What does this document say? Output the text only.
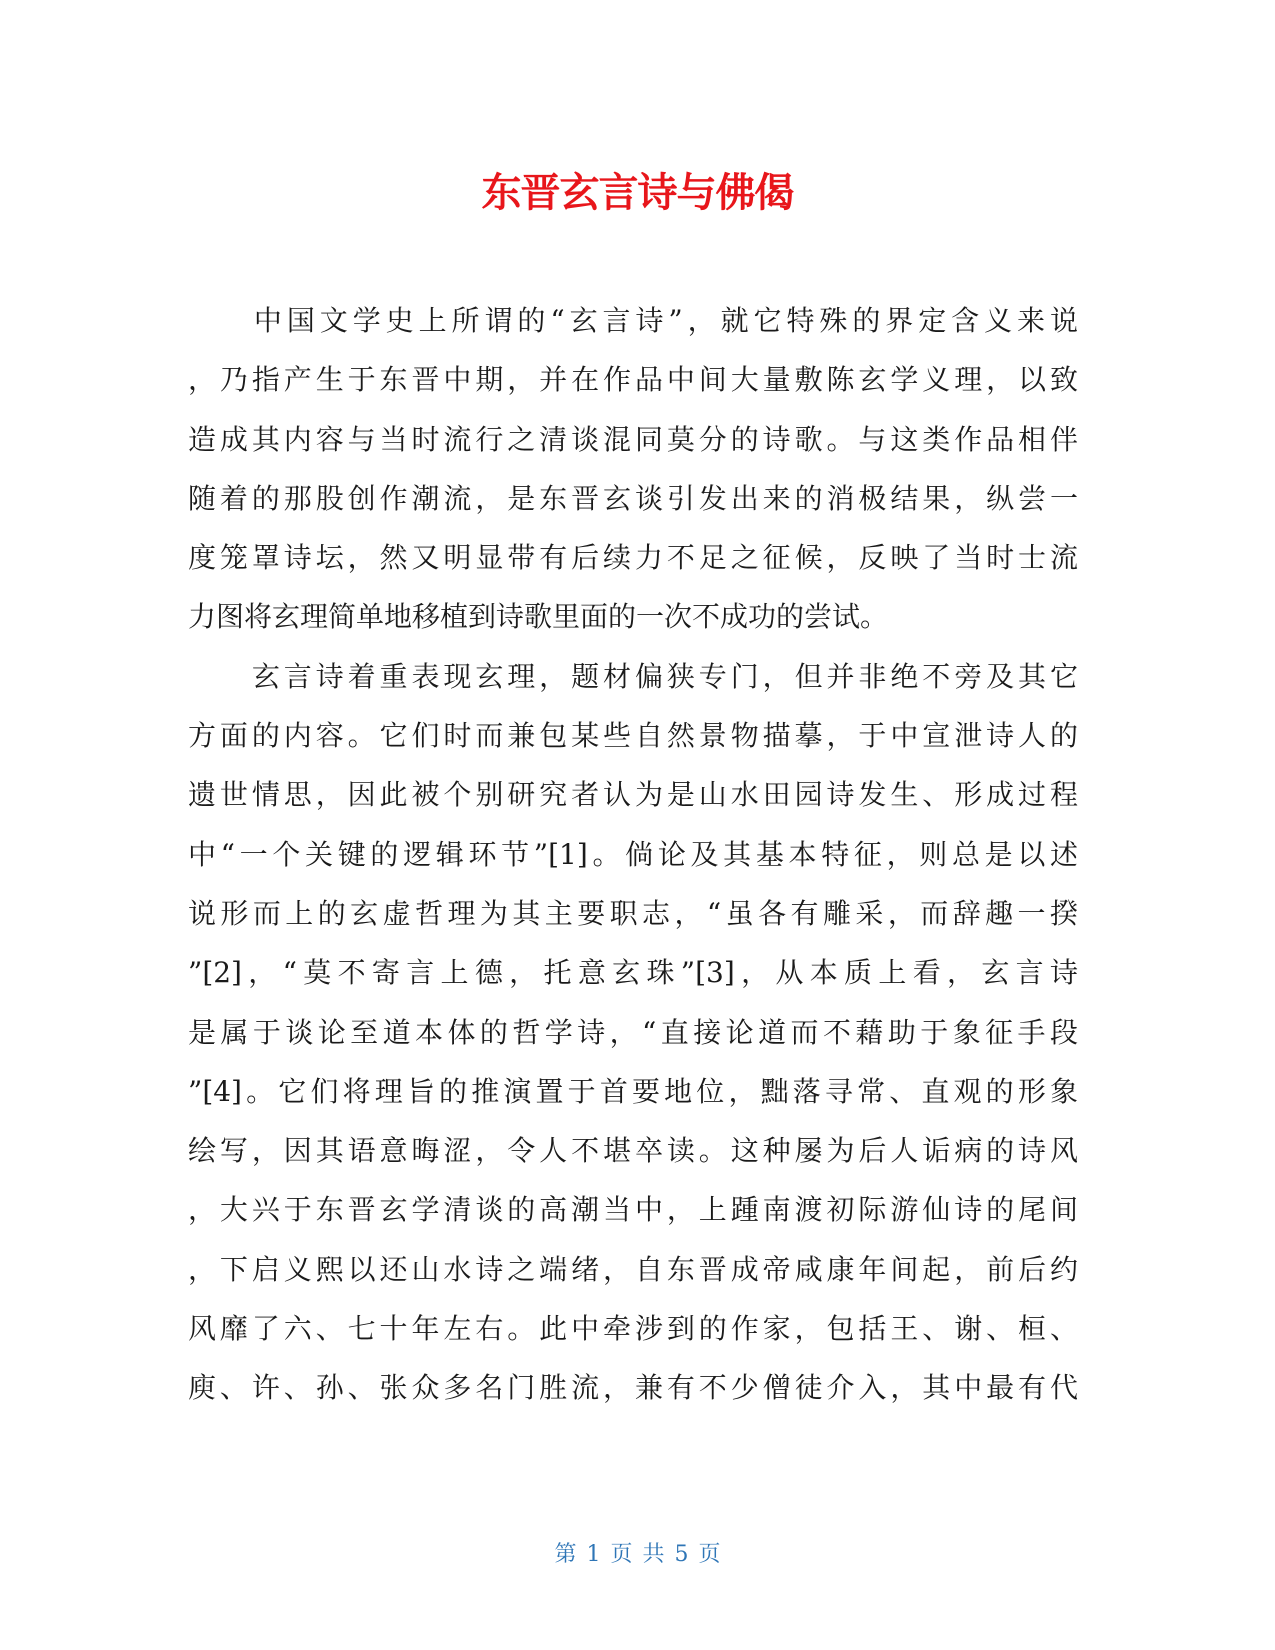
东晋玄言诗与佛偈
　　中国文学史上所谓的“玄言诗”，就它特殊的界定含义来说
，乃指产生于东晋中期，并在作品中间大量敷陈玄学义理，以致
造成其内容与当时流行之清谈混同莫分的诗歌。与这类作品相伴
随着的那股创作潮流，是东晋玄谈引发出来的消极结果，纵尝一
度笼罩诗坛，然又明显带有后续力不足之征候，反映了当时士流
力图将玄理简单地移植到诗歌里面的一次不成功的尝试。
　　玄言诗着重表现玄理，题材偏狭专门，但并非绝不旁及其它
方面的内容。它们时而兼包某些自然景物描摹，于中宣泄诗人的
遗世情思，因此被个别研究者认为是山水田园诗发生、形成过程
中“一个关键的逻辑环节”[1]。倘论及其基本特征，则总是以述
说形而上的玄虚哲理为其主要职志，“虽各有雕采，而辞趣一揆
”[2]，“莫不寄言上德，托意玄珠”[3]，从本质上看，玄言诗
是属于谈论至道本体的哲学诗，“直接论道而不藉助于象征手段
”[4]。它们将理旨的推演置于首要地位，黜落寻常、直观的形象
绘写，因其语意晦涩，令人不堪卒读。这种屡为后人诟病的诗风
，大兴于东晋玄学清谈的高潮当中，上踵南渡初际游仙诗的尾间
，下启义熙以还山水诗之端绪，自东晋成帝咸康年间起，前后约
风靡了六、七十年左右。此中牵涉到的作家，包括王、谢、桓、
庾、许、孙、张众多名门胜流，兼有不少僧徒介入，其中最有代
第 1 页 共 5 页
